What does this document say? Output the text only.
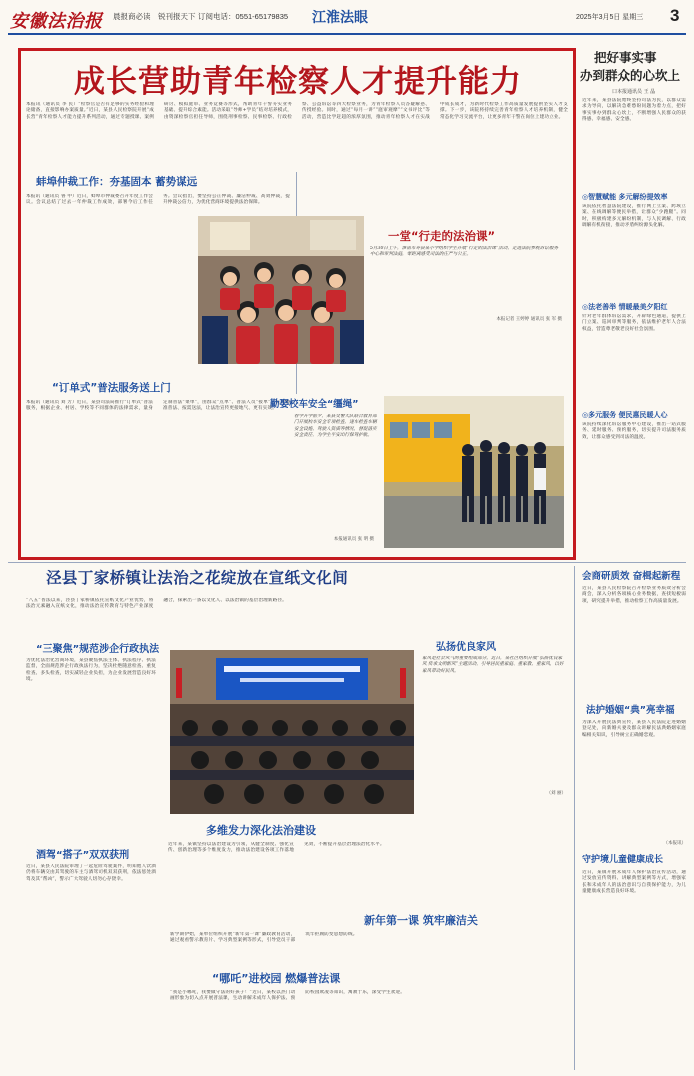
安徽法治报 晨报商必读　锐刊报天下 订阅电话：0551-65179835 江淮法眼	2025年3月5日 星期三 3
成长营助青年检察人才提升能力
本报讯（通讯员 李 民）“检察官是否有足够的实务经验和理论储备，直接影响办案质量。”近日，某县人民检察院开展“成长营”青年检察人才能力提升系列活动，通过专题授课、案例研讨、模拟庭审、业务竞赛等形式，帮助青年干警夯实业务基础、提升综合素能。活动采取“导师+学员”结对培养模式，由资深检察官担任导师，围绕刑事检察、民事检察、行政检察、公益诉讼等四大检察业务，为青年检察人员答疑解惑、传授经验。同时，通过“每月一讲”“庭审观摩”“文书评比”等活动，营造比学赶超的浓厚氛围，推动青年检察人才在实战中成长成才，为新时代检察工作高质量发展提供坚实人才支撑。下一步，该院将持续完善青年检察人才培养机制，健全常态化学习交流平台，让更多青年干警在岗位上建功立业。
蚌埠仲裁工作：夯基固本 蓄势谋远
本报讯（通讯员 鲁 中）近日，蚌埠市仲裁委召开年度工作会议。会议总结了过去一年仲裁工作成效，部署今后工作任务。会议指出，要坚持公正仲裁、廉洁仲裁、高效仲裁，提升仲裁公信力，为优化营商环境提供法治保障。
一堂“行走的法治课”
5月30日上午，淮南市寿县某小学组织学生开展“行走的法治课”活动，走进法院参观诉讼服务中心和审判法庭，零距离感受司法的庄严与公正。
本报记者 王婷婷 通讯员 张 军 摄
“订单式”普法服务送上门
本报讯（通讯员 刘 芳）近日，某县司法局推行“订单式”普法服务，根据企业、村居、学校等不同群体的法律需求，量身定制普法“菜单”，由群众“点单”、普法人员“接单”，实现精准普法、按需送法，让法治宣传更接地气、更有实效。
勤娶校车安全“缰绳”
春学开学前夕，某县交警大队联合教育部门开展校车安全专项检查，逐车检查车辆安全设施、驾驶人资质等情况，督促落实安全责任，为学生平安出行保驾护航。
本报通讯员 张 明 摄
把好事实事
办到群众的心坎上
口本报通讯员 王 晶
近年来，某县法院始终坚持司法为民，以群众需求为导向，以解决急难愁盼问题为着力点，把好事实事办到群众心坎上，不断增强人民群众的获得感、幸福感、安全感。
◎智慧赋能 多元解纷提效率
该院依托智慧法院建设，推行网上立案、跨域立案、在线调解等便民举措，让群众“少跑腿”。同时，积极构建多元解纷机制，与人民调解、行政调解有机衔接，推动矛盾纠纷源头化解。
◎法老善举 情暖最美夕阳红
针对老年群体诉讼需求，开辟绿色通道，提供上门立案、巡回审判等服务，依法维护老年人合法权益，营造尊老敬老良好社会氛围。
◎多元服务 便民惠民暖人心
该院持续深化诉讼服务中心建设，推出一站式服务、延时服务、预约服务，切实提升司法服务质效，让群众感受到司法的温度。
泾县丁家桥镇让法治之花绽放在宣纸文化间
“八五”普法以来，泾县丁家桥镇依托宣纸文化产业优势，将法治元素融入宣纸文化，推动法治宣传教育与特色产业深度融合，探索出一条以文化人、以法治镇的基层治理新路径。
“三聚焦”规范涉企行政执法
为优化法治化营商环境，某县聚焦执法主体、执法程序、执法监督，全面规范涉企行政执法行为，坚决杜绝随意检查、重复检查、多头检查，切实减轻企业负担，为企业发展营造良好环境。
弘扬优良家风
家风是社会风气的重要组成部分。近日，某社区组织开展“弘扬优良家风 传承文明新风”主题活动，引导居民重家庭、重家教、重家风，以好家风带动好民风。
（刘 丽）
多维发力深化法治建设
近年来，某镇坚持以法治建设为引领，从健全制度、强化宣传、创新治理等多个维度发力，推动法治建设各项工作落地见效，不断提升基层治理法治化水平。
酒驾“搭子”双双获刑
近日，某县人民法院审理了一起危险驾驶案件，明知他人饮酒仍将车辆交由其驾驶的车主与酒驾司机双双获刑，依法惩处酒驾及其“帮凶”，警示广大驾驶人切勿心存侥幸。
新年第一课 筑牢廉洁关
新学期伊始，某单位组织开展“新年第一课”廉政教育活动，通过观看警示教育片、学习典型案例等形式，引导党员干部筑牢拒腐防变思想防线。
“哪吒”进校园 燃爆普法课
“我是小哪吒，我要做守法的好孩子！”近日，某校以热门动画形象为切入点开展普法课，生动讲解未成年人保护法、预防校园欺凌等知识，寓教于乐，深受学生欢迎。
会商研质效 奋楫起新程
近日，某县人民检察院召开检察业务质效分析会商会，深入分析各项核心业务数据，查找短板弱项，研究提升举措，推动检察工作高质量发展。
法护婚姻“典”亮幸福
为深入开展民法典宣传，某县人民法院走进婚姻登记处，向新婚夫妻及群众讲解民法典婚姻家庭编相关知识，引导树立正确婚恋观。
（本报讯）
守护境儿童健康成长
近日，某镇开展未成年人保护法治宣传活动，通过发放宣传资料、讲解典型案例等方式，增强家长和未成年人的法治意识与自我保护能力，为儿童健康成长营造良好环境。
